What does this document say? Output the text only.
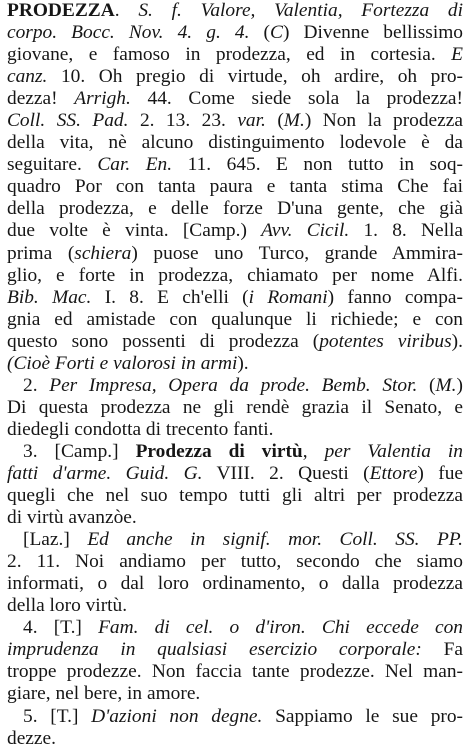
PRODEZZA. S. f. Valore, Valentia, Fortezza di
corpo. Bocc. Nov. 4. g. 4. (C) Divenne bellissimo
giovane, e famoso in prodezza, ed in cortesia. E
canz. 10. Oh pregio di virtude, oh ardire, oh pro-
dezza! Arrigh. 44. Come siede sola la prodezza!
Coll. SS. Pad. 2. 13. 23. var. (M.) Non la prodezza
della vita, nè alcuno distinguimento lodevole è da
seguitare. Car. En. 11. 645. E non tutto in soq-
quadro Por con tanta paura e tanta stima Che fai
della prodezza, e delle forze D'una gente, che già
due volte è vinta. [Camp.) Avv. Cicil. 1. 8. Nella
prima (schiera) puose uno Turco, grande Ammira-
glio, e forte in prodezza, chiamato per nome Alfi.
Bib. Mac. I. 8. E ch'elli (i Romani) fanno compa-
gnia ed amistade con qualunque li richiede; e con
questo sono possenti di prodezza (potentes viribus).
(Cioè Forti e valorosi in armi).
2. Per Impresa, Opera da prode. Bemb. Stor. (M.)
Di questa prodezza ne gli rendè grazia il Senato, e
diedegli condotta di trecento fanti.
3. [Camp.] Prodezza di virtù, per Valentia in
fatti d'arme. Guid. G. VIII. 2. Questi (Ettore) fue
quegli che nel suo tempo tutti gli altri per prodezza
di virtù avanzòe.
[Laz.] Ed anche in signif. mor. Coll. SS. PP.
2. 11. Noi andiamo per tutto, secondo che siamo
informati, o dal loro ordinamento, o dalla prodezza
della loro virtù.
4. [T.] Fam. di cel. o d'iron. Chi eccede con
imprudenza in qualsiasi esercizio corporale: Fa
troppe prodezze. Non faccia tante prodezze. Nel man-
giare, nel bere, in amore.
5. [T.] D'azioni non degne. Sappiamo le sue pro-
dezze.
